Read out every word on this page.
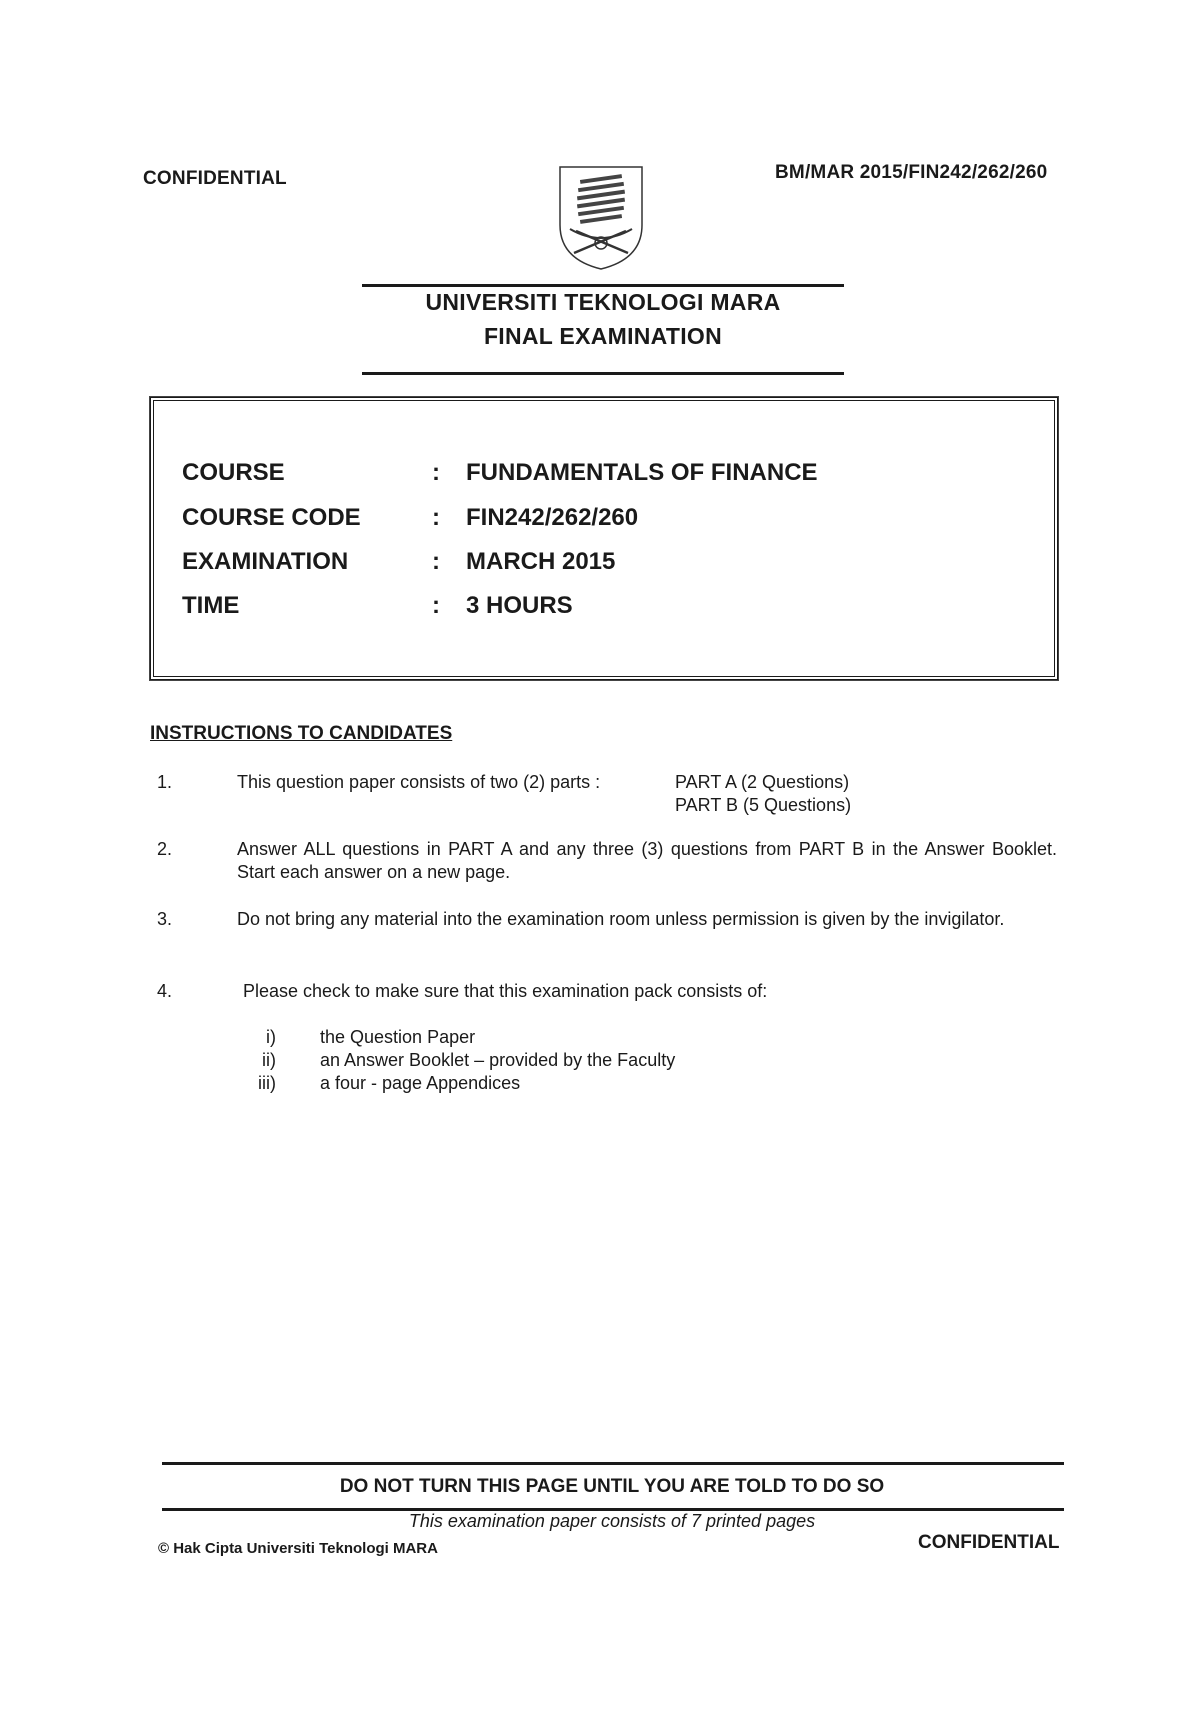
CONFIDENTIAL	BM/MAR 2015/FIN242/262/260
UNIVERSITI TEKNOLOGI MARA
FINAL EXAMINATION
COURSE	: FUNDAMENTALS OF FINANCE
COURSE CODE	: FIN242/262/260
EXAMINATION	: MARCH 2015
TIME	: 3 HOURS
INSTRUCTIONS TO CANDIDATES
1.	This question paper consists of two (2) parts :	PART A (2 Questions)
PART B (5 Questions)
2.	Answer ALL questions in PART A and any three (3) questions from PART B in the Answer Booklet. Start each answer on a new page.
3.	Do not bring any material into the examination room unless permission is given by the invigilator.
4.	Please check to make sure that this examination pack consists of:
i) the Question Paper
ii) an Answer Booklet – provided by the Faculty
iii) a four - page Appendices
DO NOT TURN THIS PAGE UNTIL YOU ARE TOLD TO DO SO
This examination paper consists of 7 printed pages
© Hak Cipta Universiti Teknologi MARA	CONFIDENTIAL
